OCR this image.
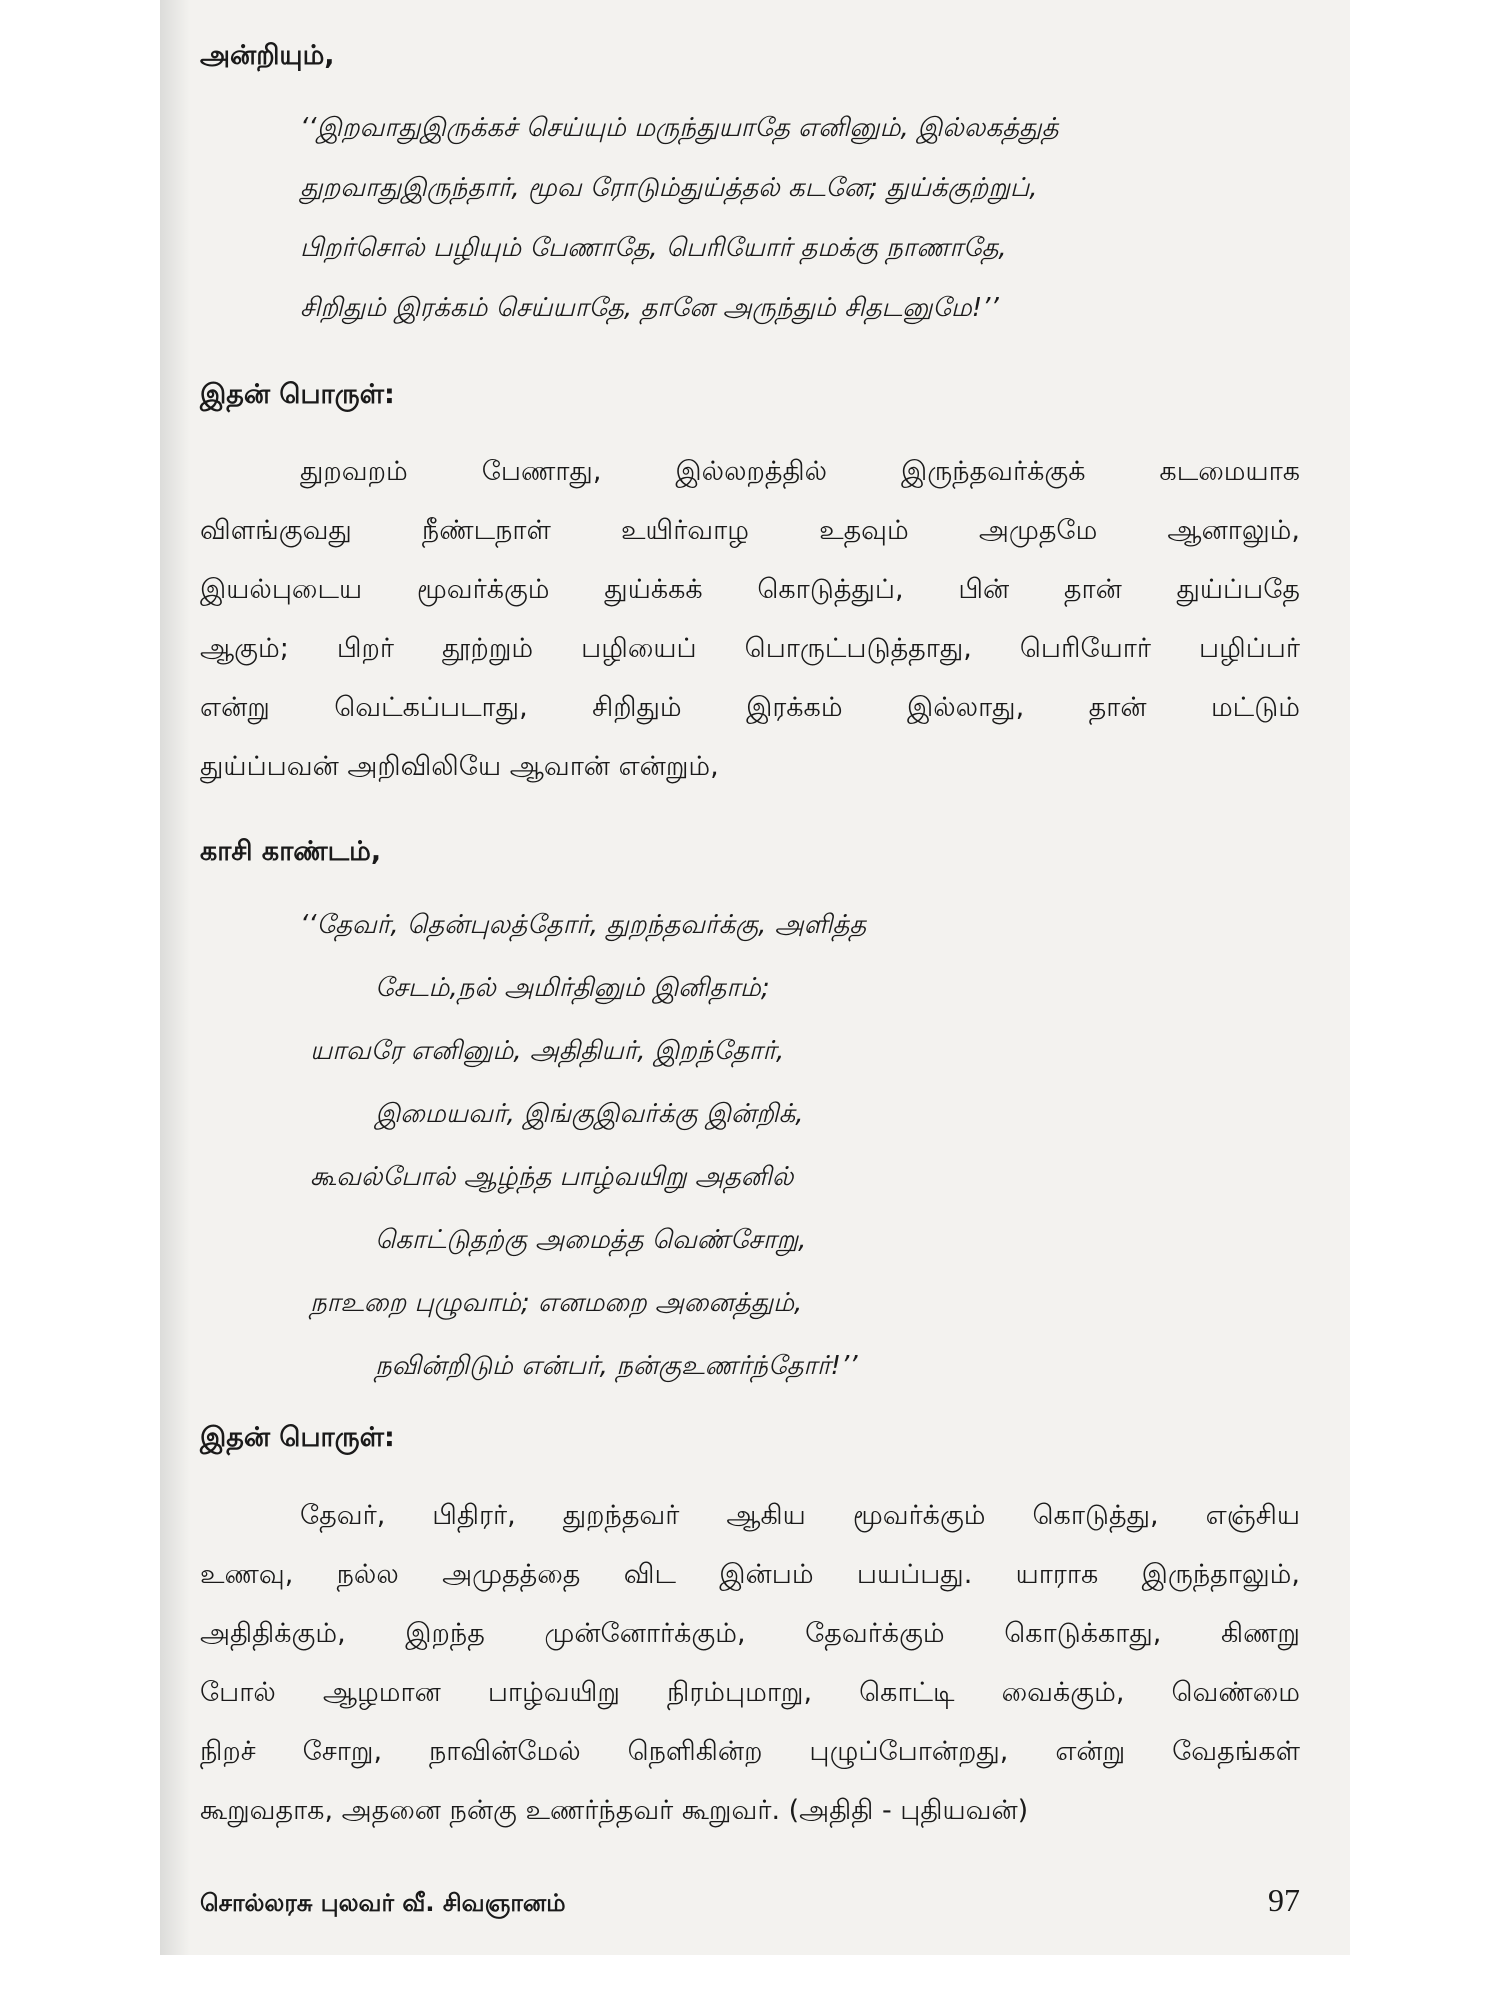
அன்றியும்,

‘‘இறவாதுஇருக்கச் செய்யும் மருந்துயாதே எனினும், இல்லகத்துத்

துறவாதுஇருந்தார், மூவ ரோடும்துய்த்தல் கடனே; துய்க்குற்றுப்,

பிறர்சொல் பழியும் பேணாதே, பெரியோர் தமக்கு நாணாதே,

சிறிதும் இரக்கம் செய்யாதே, தானே அருந்தும் சிதடனுமே!’’

இதன் பொருள்:

துறவறம் பேணாது, இல்லறத்தில் இருந்தவர்க்குக் கடமையாக

விளங்குவது நீண்டநாள் உயிர்வாழ உதவும் அமுதமே ஆனாலும்,

இயல்புடைய மூவர்க்கும் துய்க்கக் கொடுத்துப், பின் தான் துய்ப்பதே

ஆகும்; பிறர் தூற்றும் பழியைப் பொருட்படுத்தாது, பெரியோர் பழிப்பர்

என்று வெட்கப்படாது, சிறிதும் இரக்கம் இல்லாது, தான் மட்டும்

துய்ப்பவன் அறிவிலியே ஆவான் என்றும்,

காசி காண்டம்,

‘‘தேவர், தென்புலத்தோர், துறந்தவர்க்கு, அளித்த

சேடம்,நல் அமிர்தினும் இனிதாம்;

யாவரே எனினும், அதிதியர், இறந்தோர்,

இமையவர், இங்குஇவர்க்கு இன்றிக்,

கூவல்போல் ஆழ்ந்த பாழ்வயிறு அதனில்

கொட்டுதற்கு அமைத்த வெண்சோறு,

நாஉறை புழுவாம்; எனமறை அனைத்தும்,

நவின்றிடும் என்பர், நன்குஉணர்ந்தோர்!’’

இதன் பொருள்:

தேவர், பிதிரர், துறந்தவர் ஆகிய மூவர்க்கும் கொடுத்து, எஞ்சிய

உணவு, நல்ல அமுதத்தை விட இன்பம் பயப்பது. யாராக இருந்தாலும்,

அதிதிக்கும், இறந்த முன்னோர்க்கும், தேவர்க்கும் கொடுக்காது, கிணறு

போல் ஆழமான பாழ்வயிறு நிரம்புமாறு, கொட்டி வைக்கும், வெண்மை

நிறச் சோறு, நாவின்மேல் நெளிகின்ற புழுப்போன்றது, என்று வேதங்கள்

கூறுவதாக, அதனை நன்கு உணர்ந்தவர் கூறுவர். (அதிதி - புதியவன்)

சொல்லரசு புலவர் வீ. சிவஞானம்	97
